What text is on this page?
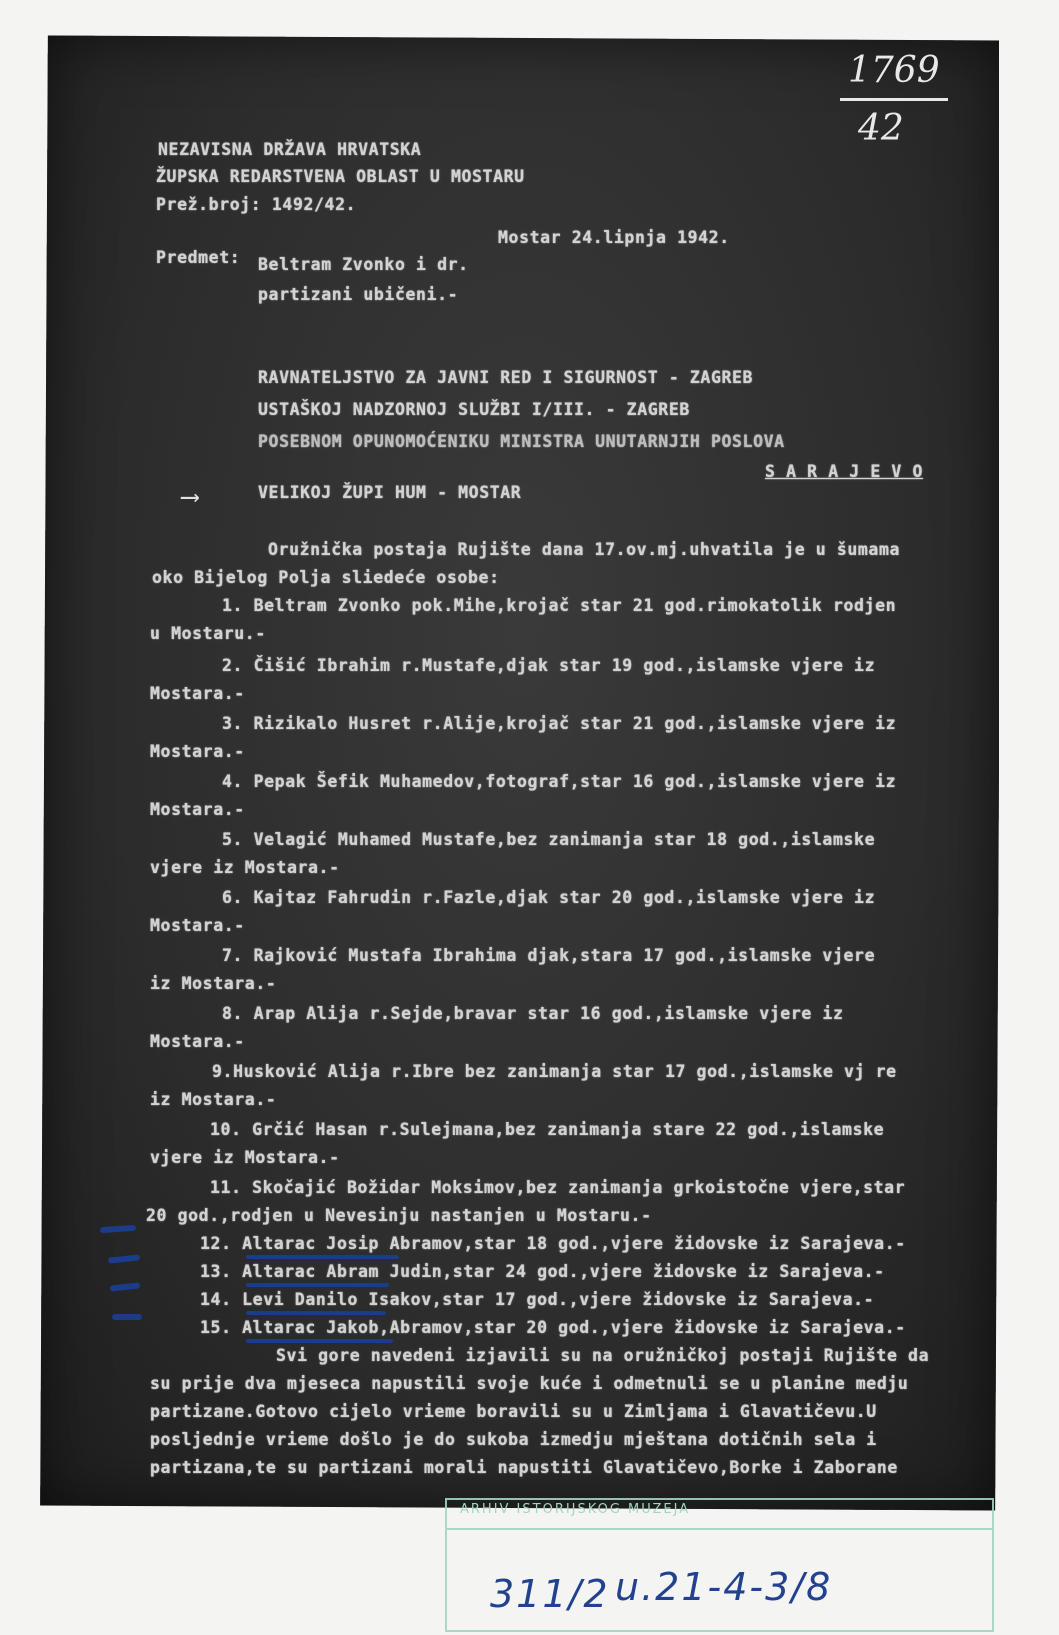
1769
42
NEZAVISNA DRŽAVA HRVATSKA
ŽUPSKA REDARSTVENA OBLAST U MOSTARU
Prež.broj: 1492/42.
Mostar 24.lipnja 1942.
Predmet: Beltram Zvonko i dr.
partizani ubičeni.-
RAVNATELJSTVO ZA JAVNI RED I SIGURNOST - ZAGREB
USTAŠKOJ NADZORNOJ SLUŽBI I/III. - ZAGREB
POSEBNOM OPUNOMOĆENIKU MINISTRA UNUTARNJIH POSLOVA
S A R A J E V O
VELIKOJ ŽUPI HUM - MOSTAR
⟶
Oružnička postaja Rujište dana 17.ov.mj.uhvatila je u šumama
oko Bijelog Polja sliedeće osobe:
1. Beltram Zvonko pok.Mihe,krojač star 21 god.rimokatolik rodjen
u Mostaru.-
2. Čišić Ibrahim r.Mustafe,djak star 19 god.,islamske vjere iz
Mostara.-
3. Rizikalo Husret r.Alije,krojač star 21 god.,islamske vjere iz
Mostara.-
4. Pepak Šefik Muhamedov,fotograf,star 16 god.,islamske vjere iz
Mostara.-
5. Velagić Muhamed Mustafe,bez zanimanja star 18 god.,islamske
vjere iz Mostara.-
6. Kajtaz Fahrudin r.Fazle,djak star 20 god.,islamske vjere iz
Mostara.-
7. Rajković Mustafa Ibrahima djak,stara 17 god.,islamske vjere
iz Mostara.-
8. Arap Alija r.Sejde,bravar star 16 god.,islamske vjere iz
Mostara.-
9.Husković Alija r.Ibre bez zanimanja star 17 god.,islamske vj re
iz Mostara.-
10. Grčić Hasan r.Sulejmana,bez zanimanja stare 22 god.,islamske
vjere iz Mostara.-
11. Skočajić Božidar Moksimov,bez zanimanja grkoistočne vjere,star
20 god.,rodjen u Nevesinju nastanjen u Mostaru.-
12. Altarac Josip Abramov,star 18 god.,vjere židovske iz Sarajeva.-
13. Altarac Abram Judin,star 24 god.,vjere židovske iz Sarajeva.-
14. Levi Danilo Isakov,star 17 god.,vjere židovske iz Sarajeva.-
15. Altarac Jakob,Abramov,star 20 god.,vjere židovske iz Sarajeva.-
Svi gore navedeni izjavili su na oružničkoj postaji Rujište da
su prije dva mjeseca napustili svoje kuće i odmetnuli se u planine medju
partizane.Gotovo cijelo vrieme boravili su u Zimljama i Glavatičevu.U
posljednje vrieme došlo je do sukoba izmedju mještana dotičnih sela i
partizana,te su partizani morali napustiti Glavatičevo,Borke i Zaborane
ARHIV ISTORIJSKOG MUZEJA
311/2 u.21-4-3/8
